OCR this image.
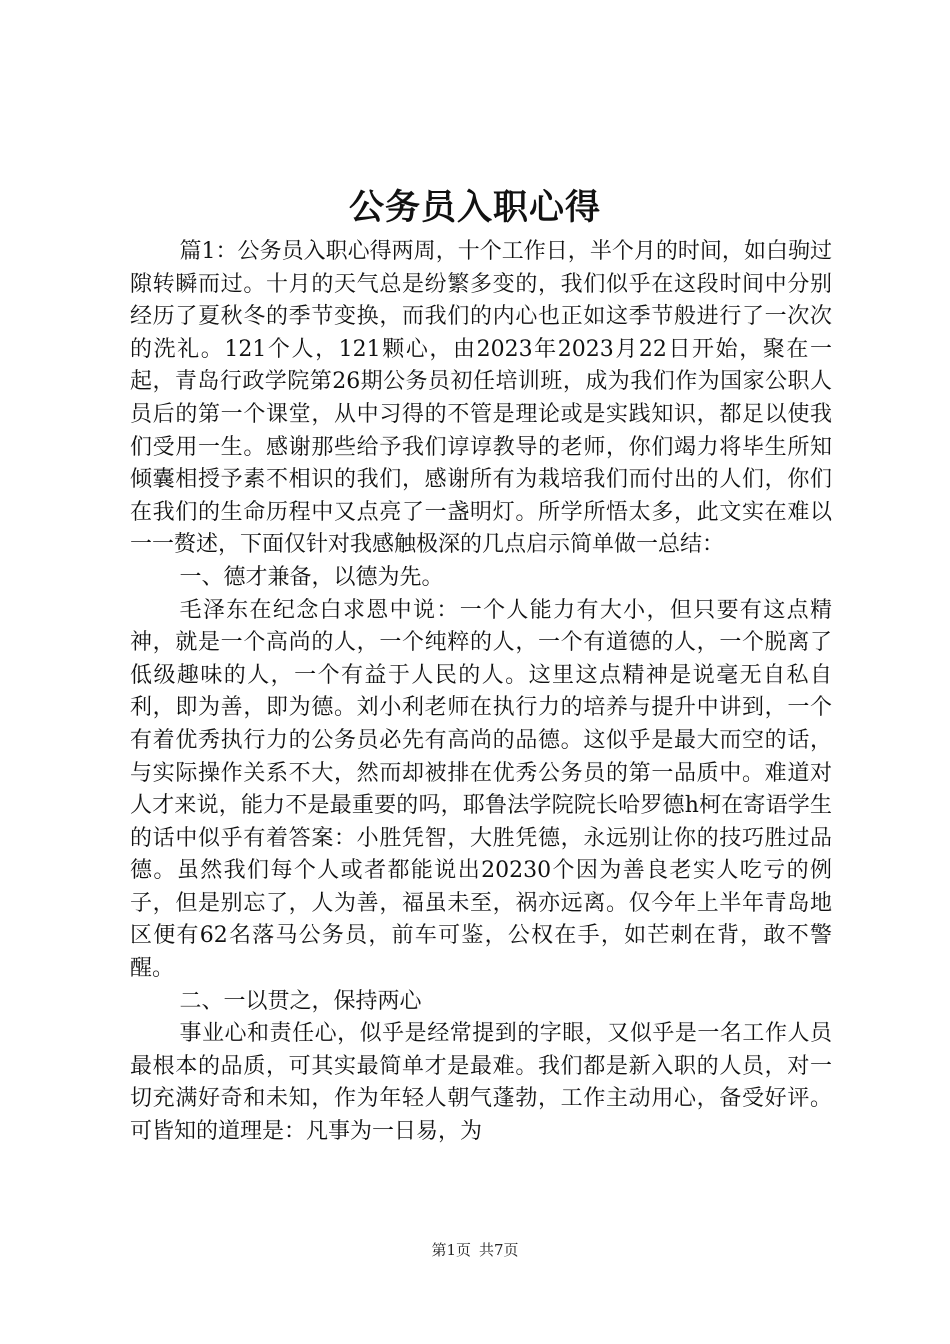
公务员入职心得

篇1：公务员入职心得两周，十个工作日，半个月的时间，如白驹过隙转瞬而过。十月的天气总是纷繁多变的，我们似乎在这段时间中分别经历了夏秋冬的季节变换，而我们的内心也正如这季节般进行了一次次的洗礼。121个人，121颗心，由2023年2023月22日开始，聚在一起，青岛行政学院第26期公务员初任培训班，成为我们作为国家公职人员后的第一个课堂，从中习得的不管是理论或是实践知识，都足以使我们受用一生。感谢那些给予我们谆谆教导的老师，你们竭力将毕生所知倾囊相授予素不相识的我们，感谢所有为栽培我们而付出的人们，你们在我们的生命历程中又点亮了一盏明灯。所学所悟太多，此文实在难以一一赘述，下面仅针对我感触极深的几点启示简单做一总结：

一、德才兼备，以德为先。

毛泽东在纪念白求恩中说：一个人能力有大小，但只要有这点精神，就是一个高尚的人，一个纯粹的人，一个有道德的人，一个脱离了低级趣味的人，一个有益于人民的人。这里这点精神是说毫无自私自利，即为善，即为德。刘小利老师在执行力的培养与提升中讲到，一个有着优秀执行力的公务员必先有高尚的品德。这似乎是最大而空的话，与实际操作关系不大，然而却被排在优秀公务员的第一品质中。难道对人才来说，能力不是最重要的吗，耶鲁法学院院长哈罗德h柯在寄语学生的话中似乎有着答案：小胜凭智，大胜凭德，永远别让你的技巧胜过品德。虽然我们每个人或者都能说出20230个因为善良老实人吃亏的例子，但是别忘了，人为善，福虽未至，祸亦远离。仅今年上半年青岛地区便有62名落马公务员，前车可鉴，公权在手，如芒刺在背，敢不警醒。

二、一以贯之，保持两心

事业心和责任心，似乎是经常提到的字眼，又似乎是一名工作人员最根本的品质，可其实最简单才是最难。我们都是新入职的人员，对一切充满好奇和未知，作为年轻人朝气蓬勃，工作主动用心，备受好评。可皆知的道理是：凡事为一日易，为

第1页 共7页
